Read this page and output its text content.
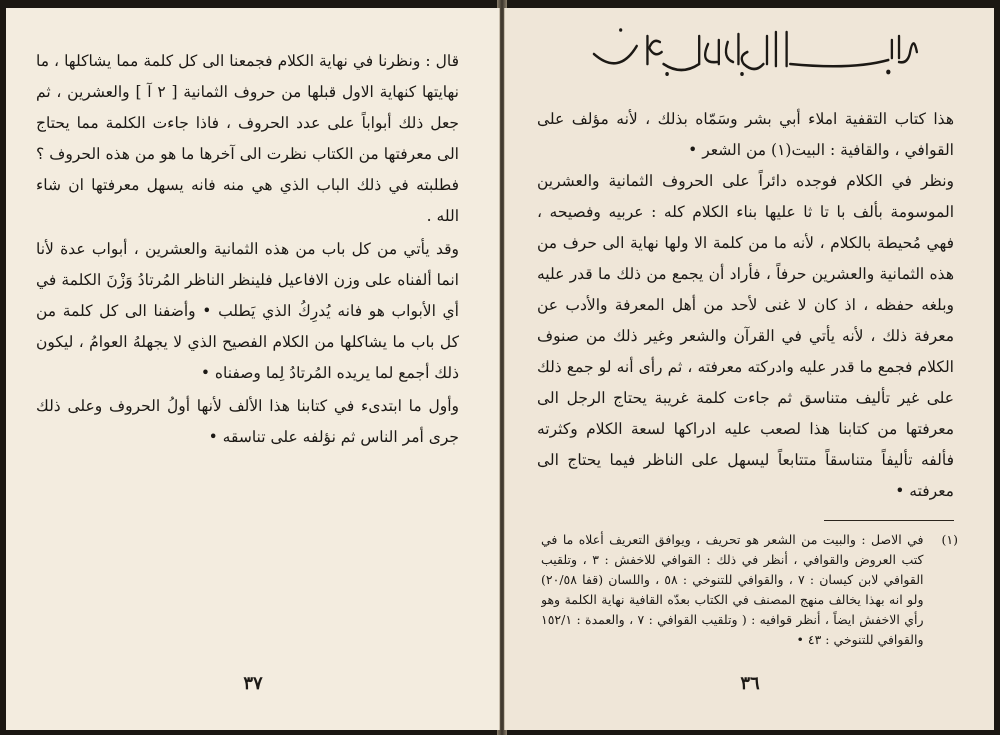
قال : ونظرنا في نهاية الكلام فجمعنا الى كل كلمة مما يشاكلها ، ما نهايتها كنهاية الاول قبلها من حروف الثمانية [ ٢ آ ] والعشرين ، ثم جعل ذلك أبواباً على عدد الحروف ، فاذا جاءت الكلمة مما يحتاج الى معرفتها من الكتاب نظرت الى آخرها ما هو من هذه الحروف ؟ فطلبته في ذلك الباب الذي هي منه فانه يسهل معرفتها ان شاء الله .

وقد يأتي من كل باب من هذه الثمانية والعشرين ، أبواب عدة لأنا انما ألفناه على وزن الافاعيل فلينظر الناظر المُرتادُ وَزْنَ الكلمة في أي الأبواب هو فانه يُدرِكُ الذي يَطلب • وأضفنا الى كل كلمة من كل باب ما يشاكلها من الكلام الفصيح الذي لا يجهلهُ العوامُ ، ليكون ذلك أجمع لما يريده المُرتادُ لِما وصفناه •

وأول ما ابتدىء في كتابنا هذا الألف لأنها أولُ الحروف وعلى ذلك جرى أمر الناس ثم نؤلفه على تناسقه •

٣٧

هذا كتاب التقفية املاء أبي بشر وسَمّاه بذلك ، لأنه مؤلف على القوافي ، والقافية : البيت(١) من الشعر •

ونظر في الكلام فوجده دائراً على الحروف الثمانية والعشرين الموسومة بألف با تا ثا عليها بناء الكلام كله : عربيه وفصيحه ، فهي مُحيطة بالكلام ، لأنه ما من كلمة الا ولها نهاية الى حرف من هذه الثمانية والعشرين حرفاً ، فأراد أن يجمع من ذلك ما قدر عليه وبلغه حفظه ، اذ كان لا غنى لأحد من أهل المعرفة والأدب عن معرفة ذلك ، لأنه يأتي في القرآن والشعر وغير ذلك من صنوف الكلام فجمع ما قدر عليه وادركته معرفته ، ثم رأى أنه لو جمع ذلك على غير تأليف متناسق ثم جاءت كلمة غريبة يحتاج الرجل الى معرفتها من كتابنا هذا لصعب عليه ادراكها لسعة الكلام وكثرته فألفه تأليفاً متناسقاً متتابعاً ليسهل على الناظر فيما يحتاج الى معرفته •

(١)
في الاصل : والبيت من الشعر هو تحريف ، ويوافق التعريف أعلاه ما في كتب العروض والقوافي ، أنظر في ذلك : القوافي للاخفش : ٣ ، وتلقيب القوافي لابن كيسان : ٧ ، والقوافي للتنوخي : ٥٨ ، واللسان (قفا ٢٠/٥٨) ولو انه بهذا يخالف منهج المصنف في الكتاب بعدّه القافية نهاية الكلمة وهو رأي الاخفش ايضاً ، أنظر قوافيه : ( وتلقيب القوافي : ٧ ، والعمدة : ١٥٢/١ والقوافي للتنوخي : ٤٣ •
٣٦
